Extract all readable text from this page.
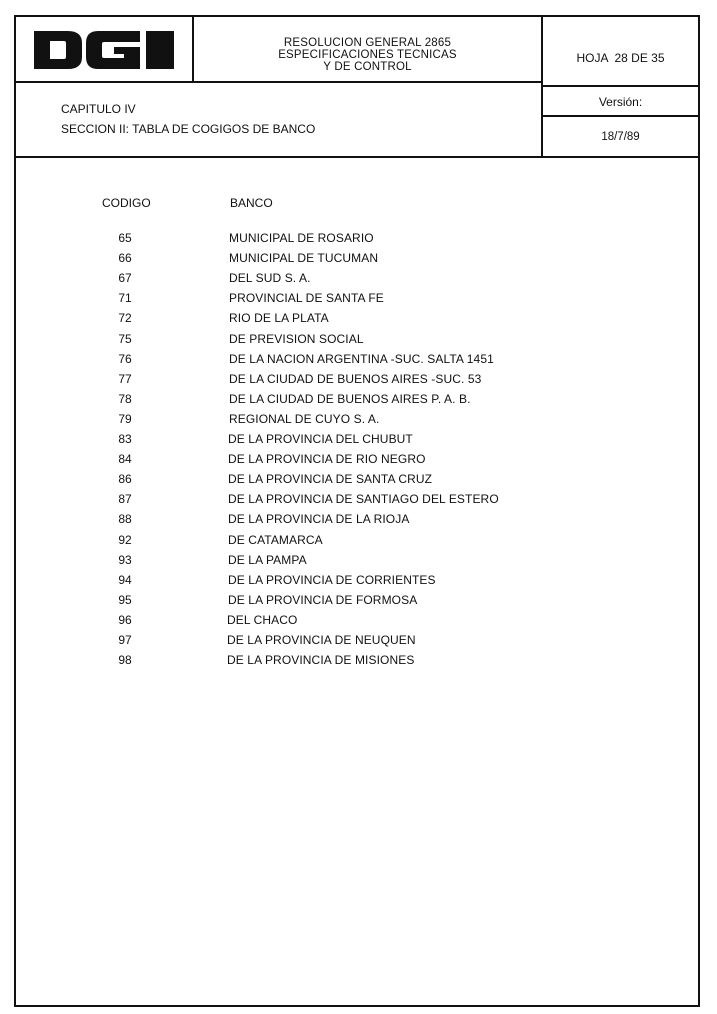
RESOLUCION GENERAL 2865
ESPECIFICACIONES TECNICAS
Y DE CONTROL
HOJA  28 DE 35
CAPITULO IV
SECCION II: TABLA DE COGIGOS DE BANCO
Versión:
18/7/89
CODIGO	BANCO
65	MUNICIPAL DE ROSARIO
66	MUNICIPAL DE TUCUMAN
67	DEL SUD S. A.
71	PROVINCIAL DE SANTA FE
72	RIO DE LA PLATA
75	DE PREVISION SOCIAL
76	DE LA NACION ARGENTINA -SUC. SALTA 1451
77	DE LA CIUDAD DE BUENOS AIRES -SUC. 53
78	DE LA CIUDAD DE BUENOS AIRES P. A. B.
79	REGIONAL DE CUYO S. A.
83	DE LA PROVINCIA DEL CHUBUT
84	DE LA PROVINCIA DE RIO NEGRO
86	DE LA PROVINCIA DE SANTA CRUZ
87	DE LA PROVINCIA DE SANTIAGO DEL ESTERO
88	DE LA PROVINCIA DE LA RIOJA
92	DE CATAMARCA
93	DE LA PAMPA
94	DE LA PROVINCIA DE CORRIENTES
95	DE LA PROVINCIA DE FORMOSA
96	DEL CHACO
97	DE LA PROVINCIA DE NEUQUEN
98	DE LA PROVINCIA DE MISIONES
